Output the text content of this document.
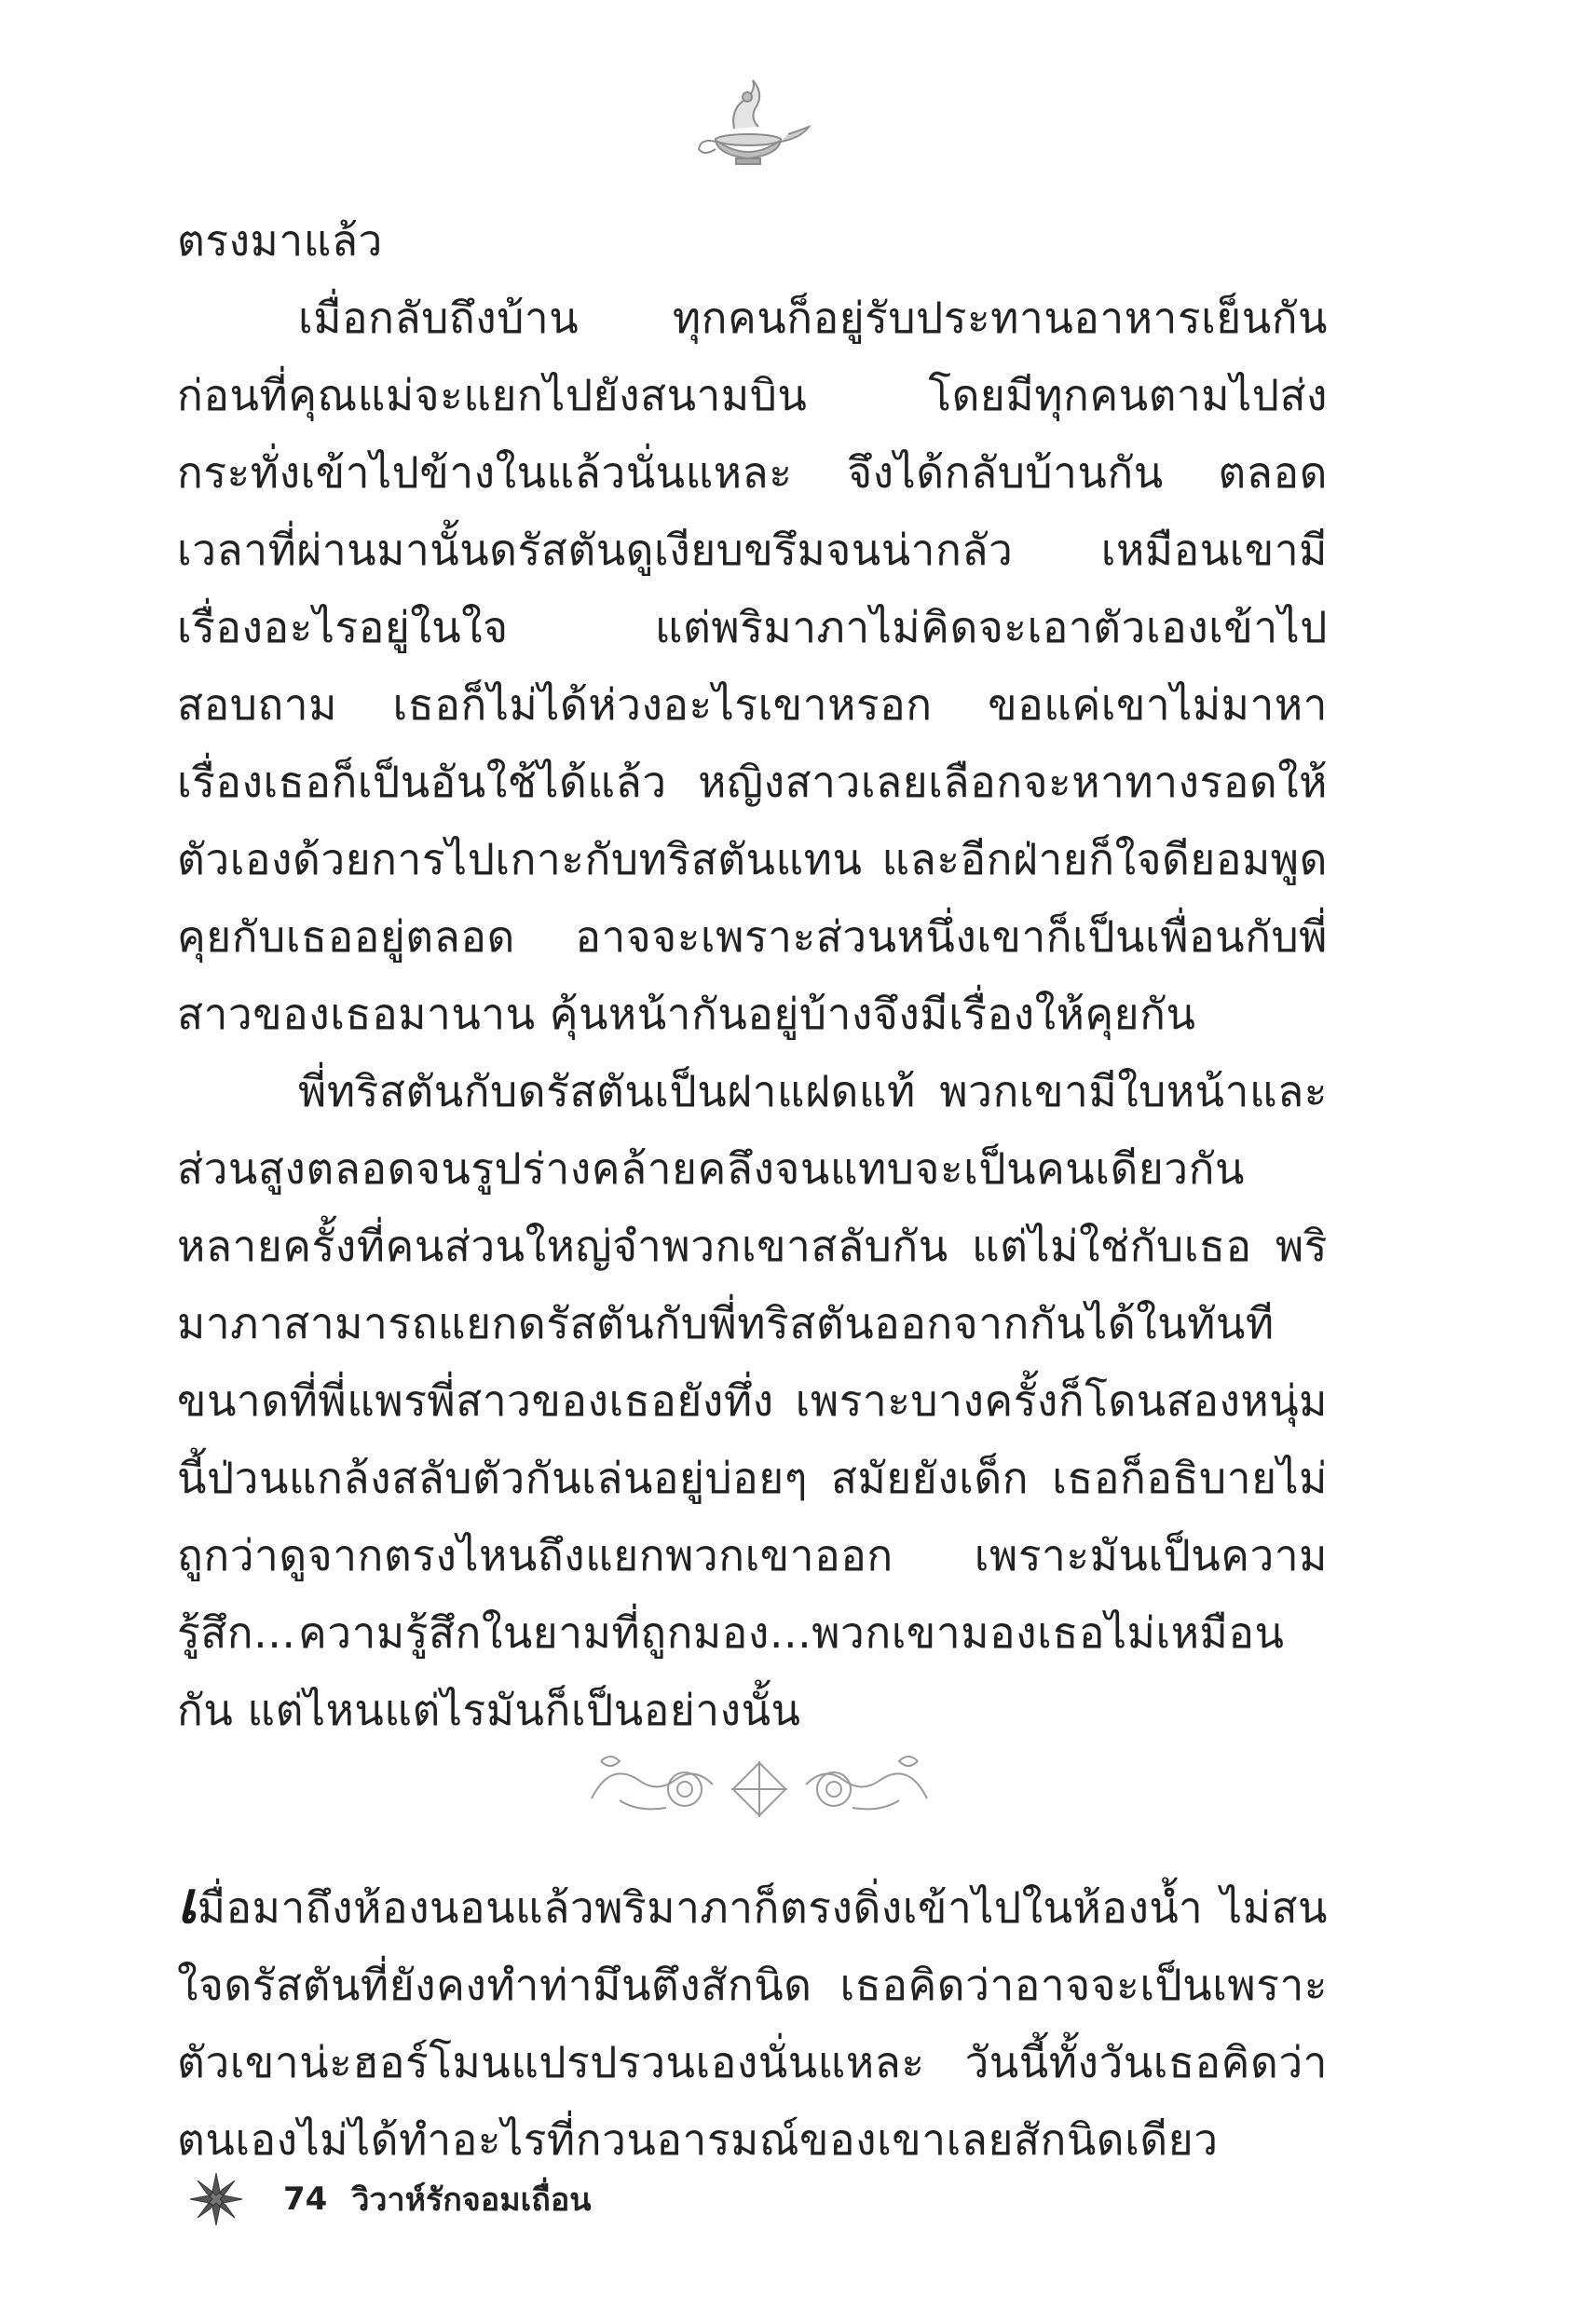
ตรงมาแล้ว

เมื่อกลับถึงบ้าน ทุกคนก็อยู่รับประทานอาหารเย็นกันก่อนที่คุณแม่จะแยกไปยังสนามบิน โดยมีทุกคนตามไปส่ง กระทั่งเข้าไปข้างในแล้วนั่นแหละ จึงได้กลับบ้านกัน ตลอดเวลาที่ผ่านมานั้นดรัสตันดูเงียบขรึมจนน่ากลัว เหมือนเขามีเรื่องอะไรอยู่ในใจ แต่พริมาภาไม่คิดจะเอาตัวเองเข้าไปสอบถาม เธอก็ไม่ได้ห่วงอะไรเขาหรอก ขอแค่เขาไม่มาหาเรื่องเธอก็เป็นอันใช้ได้แล้ว หญิงสาวเลยเลือกจะหาทางรอดให้ตัวเองด้วยการไปเกาะกับทริสตันแทน และอีกฝ่ายก็ใจดียอมพูดคุยกับเธออยู่ตลอด อาจจะเพราะส่วนหนึ่งเขาก็เป็นเพื่อนกับพี่สาวของเธอมานาน คุ้นหน้ากันอยู่บ้างจึงมีเรื่องให้คุยกัน

พี่ทริสตันกับดรัสตันเป็นฝาแฝดแท้ พวกเขามีใบหน้าและส่วนสูงตลอดจนรูปร่างคล้ายคลึงจนแทบจะเป็นคนเดียวกัน หลายครั้งที่คนส่วนใหญ่จำพวกเขาสลับกัน แต่ไม่ใช่กับเธอ พริมาภาสามารถแยกดรัสตันกับพี่ทริสตันออกจากกันได้ในทันที ขนาดที่พี่แพรพี่สาวของเธอยังทึ่ง เพราะบางครั้งก็โดนสองหนุ่มนี้ป่วนแกล้งสลับตัวกันเล่นอยู่บ่อยๆ สมัยยังเด็ก เธอก็อธิบายไม่ถูกว่าดูจากตรงไหนถึงแยกพวกเขาออก เพราะมันเป็นความรู้สึก... ความรู้สึกในยามที่ถูกมอง...พวกเขามองเธอไม่เหมือนกัน แต่ไหนแต่ไรมันก็เป็นอย่างนั้น

เมื่อมาถึงห้องนอนแล้วพริมาภาก็ตรงดิ่งเข้าไปในห้องน้ำ ไม่สนใจดรัสตันที่ยังคงทำท่ามึนตึงสักนิด เธอคิดว่าอาจจะเป็นเพราะตัวเขาน่ะฮอร์โมนแปรปรวนเองนั่นแหละ วันนี้ทั้งวันเธอคิดว่าตนเองไม่ได้ทำอะไรที่กวนอารมณ์ของเขาเลยสักนิดเดียว

74 วิวาห์รักจอมเถื่อน
